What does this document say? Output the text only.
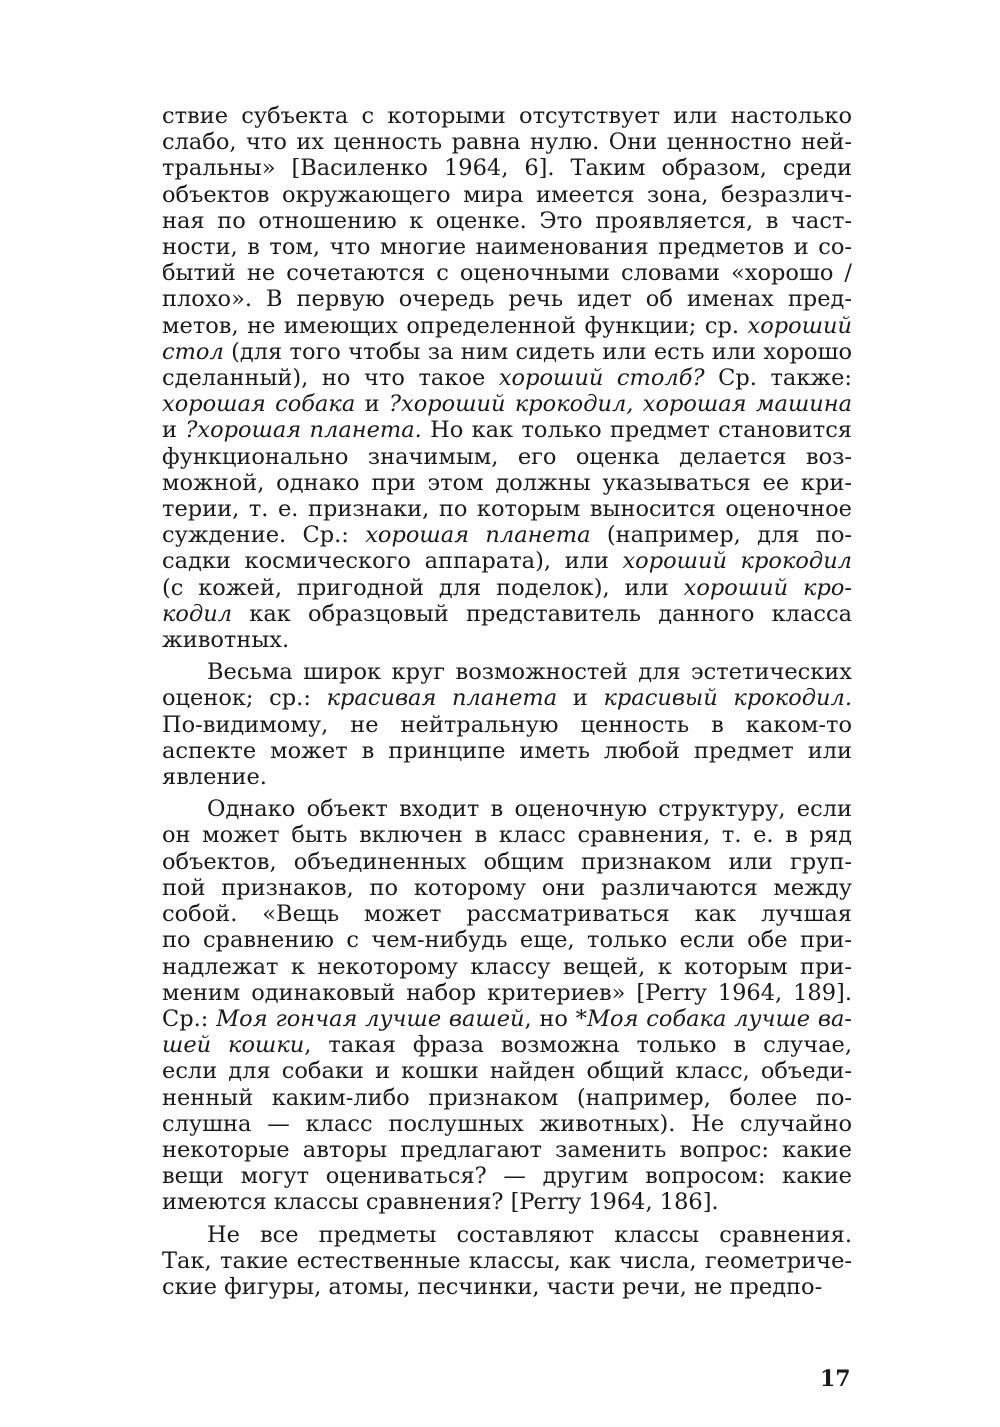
ствие субъекта с которыми отсутствует или настолько
слабо, что их ценность равна нулю. Они ценностно ней-
тральны» [Василенко 1964, 6]. Таким образом, среди
объектов окружающего мира имеется зона, безразлич-
ная по отношению к оценке. Это проявляется, в част-
ности, в том, что многие наименования предметов и со-
бытий не сочетаются с оценочными словами «хорошо /
плохо». В первую очередь речь идет об именах пред-
метов, не имеющих определенной функции; ср. хороший
стол (для того чтобы за ним сидеть или есть или хорошо
сделанный), но что такое хороший столб? Ср. также:
хорошая собака и ?хороший крокодил, хорошая машина
и ?хорошая планета. Но как только предмет становится
функционально значимым, его оценка делается воз-
можной, однако при этом должны указываться ее кри-
терии, т. е. признаки, по которым выносится оценочное
суждение. Ср.: хорошая планета (например, для по-
садки космического аппарата), или хороший крокодил
(с кожей, пригодной для поделок), или хороший кро-
кодил как образцовый представитель данного класса
животных.
Весьма широк круг возможностей для эстетических
оценок; ср.: красивая планета и красивый крокодил.
По-видимому, не нейтральную ценность в каком-то
аспекте может в принципе иметь любой предмет или
явление.
Однако объект входит в оценочную структуру, если
он может быть включен в класс сравнения, т. е. в ряд
объектов, объединенных общим признаком или груп-
пой признаков, по которому они различаются между
собой. «Вещь может рассматриваться как лучшая
по сравнению с чем-нибудь еще, только если обе при-
надлежат к некоторому классу вещей, к которым при-
меним одинаковый набор критериев» [Perry 1964, 189].
Ср.: Моя гончая лучше вашей, но *Моя собака лучше ва-
шей кошки, такая фраза возможна только в случае,
если для собаки и кошки найден общий класс, объеди-
ненный каким-либо признаком (например, более по-
слушна — класс послушных животных). Не случайно
некоторые авторы предлагают заменить вопрос: какие
вещи могут оцениваться? — другим вопросом: какие
имеются классы сравнения? [Perry 1964, 186].
Не все предметы составляют классы сравнения.
Так, такие естественные классы, как числа, геометриче-
ские фигуры, атомы, песчинки, части речи, не предпо-
17
